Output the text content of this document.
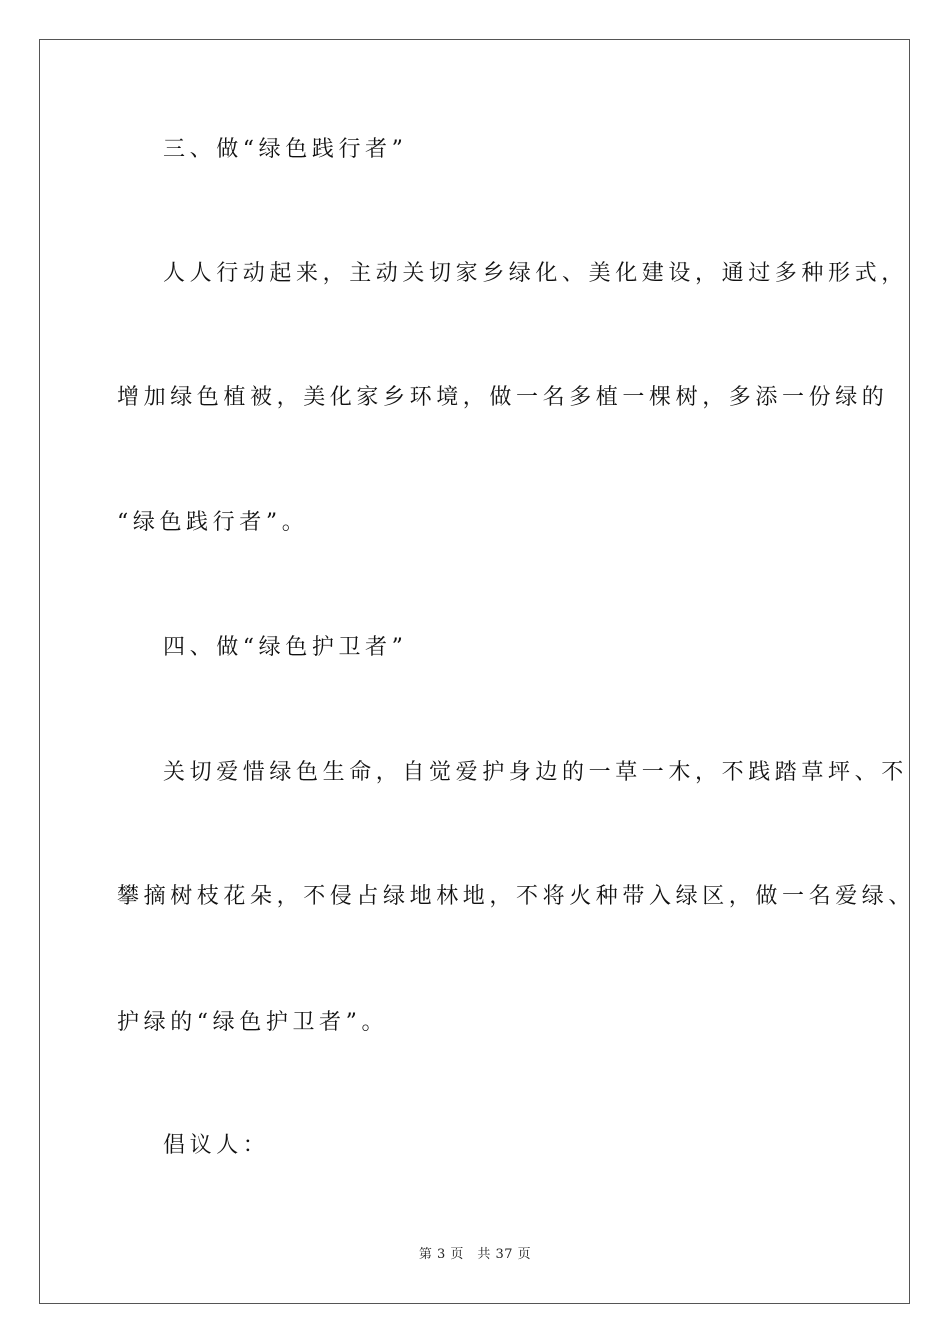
三、做“绿色践行者”
人人行动起来，主动关切家乡绿化、美化建设，通过多种形式，
增加绿色植被，美化家乡环境，做一名多植一棵树，多添一份绿的
“绿色践行者”。
四、做“绿色护卫者”
关切爱惜绿色生命，自觉爱护身边的一草一木，不践踏草坪、不
攀摘树枝花朵，不侵占绿地林地，不将火种带入绿区，做一名爱绿、
护绿的“绿色护卫者”。
倡议人：
第 3 页　共 37 页
